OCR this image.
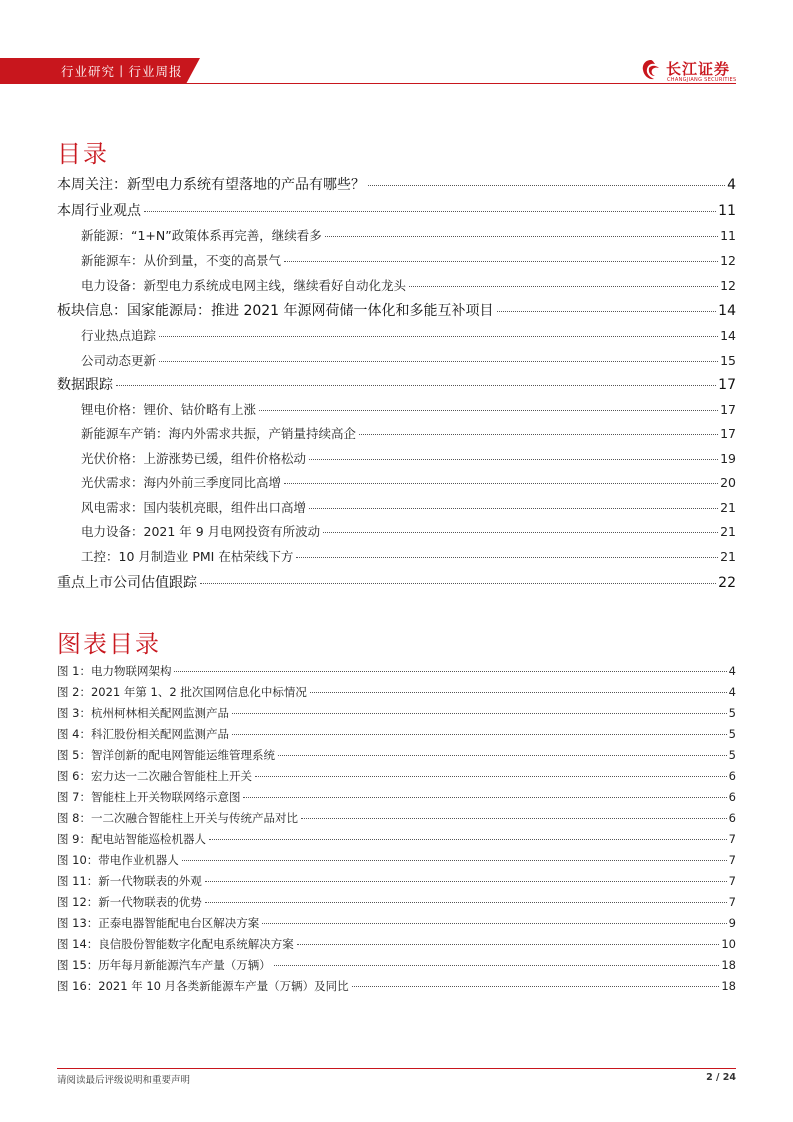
行业研究丨行业周报	长江证券
CHANGJIANG SECURITIES
目录
本周关注：新型电力系统有望落地的产品有哪些？	4
本周行业观点	11
新能源：“1+N”政策体系再完善，继续看多	11
新能源车：从价到量，不变的高景气	12
电力设备：新型电力系统成电网主线，继续看好自动化龙头	12
板块信息：国家能源局：推进 2021 年源网荷储一体化和多能互补项目	14
行业热点追踪	14
公司动态更新	15
数据跟踪	17
锂电价格：锂价、钴价略有上涨	17
新能源车产销：海内外需求共振，产销量持续高企	17
光伏价格：上游涨势已缓，组件价格松动	19
光伏需求：海内外前三季度同比高增	20
风电需求：国内装机亮眼，组件出口高增	21
电力设备：2021 年 9 月电网投资有所波动	21
工控：10 月制造业 PMI 在枯荣线下方	21
重点上市公司估值跟踪	22
图表目录
图 1：电力物联网架构	4
图 2：2021 年第 1、2 批次国网信息化中标情况	4
图 3：杭州柯林相关配网监测产品	5
图 4：科汇股份相关配网监测产品	5
图 5：智洋创新的配电网智能运维管理系统	5
图 6：宏力达一二次融合智能柱上开关	6
图 7：智能柱上开关物联网络示意图	6
图 8：一二次融合智能柱上开关与传统产品对比	6
图 9：配电站智能巡检机器人	7
图 10：带电作业机器人	7
图 11：新一代物联表的外观	7
图 12：新一代物联表的优势	7
图 13：正泰电器智能配电台区解决方案	9
图 14：良信股份智能数字化配电系统解决方案	10
图 15：历年每月新能源汽车产量（万辆）	18
图 16：2021 年 10 月各类新能源车产量（万辆）及同比	18
请阅读最后评级说明和重要声明	2 / 24
